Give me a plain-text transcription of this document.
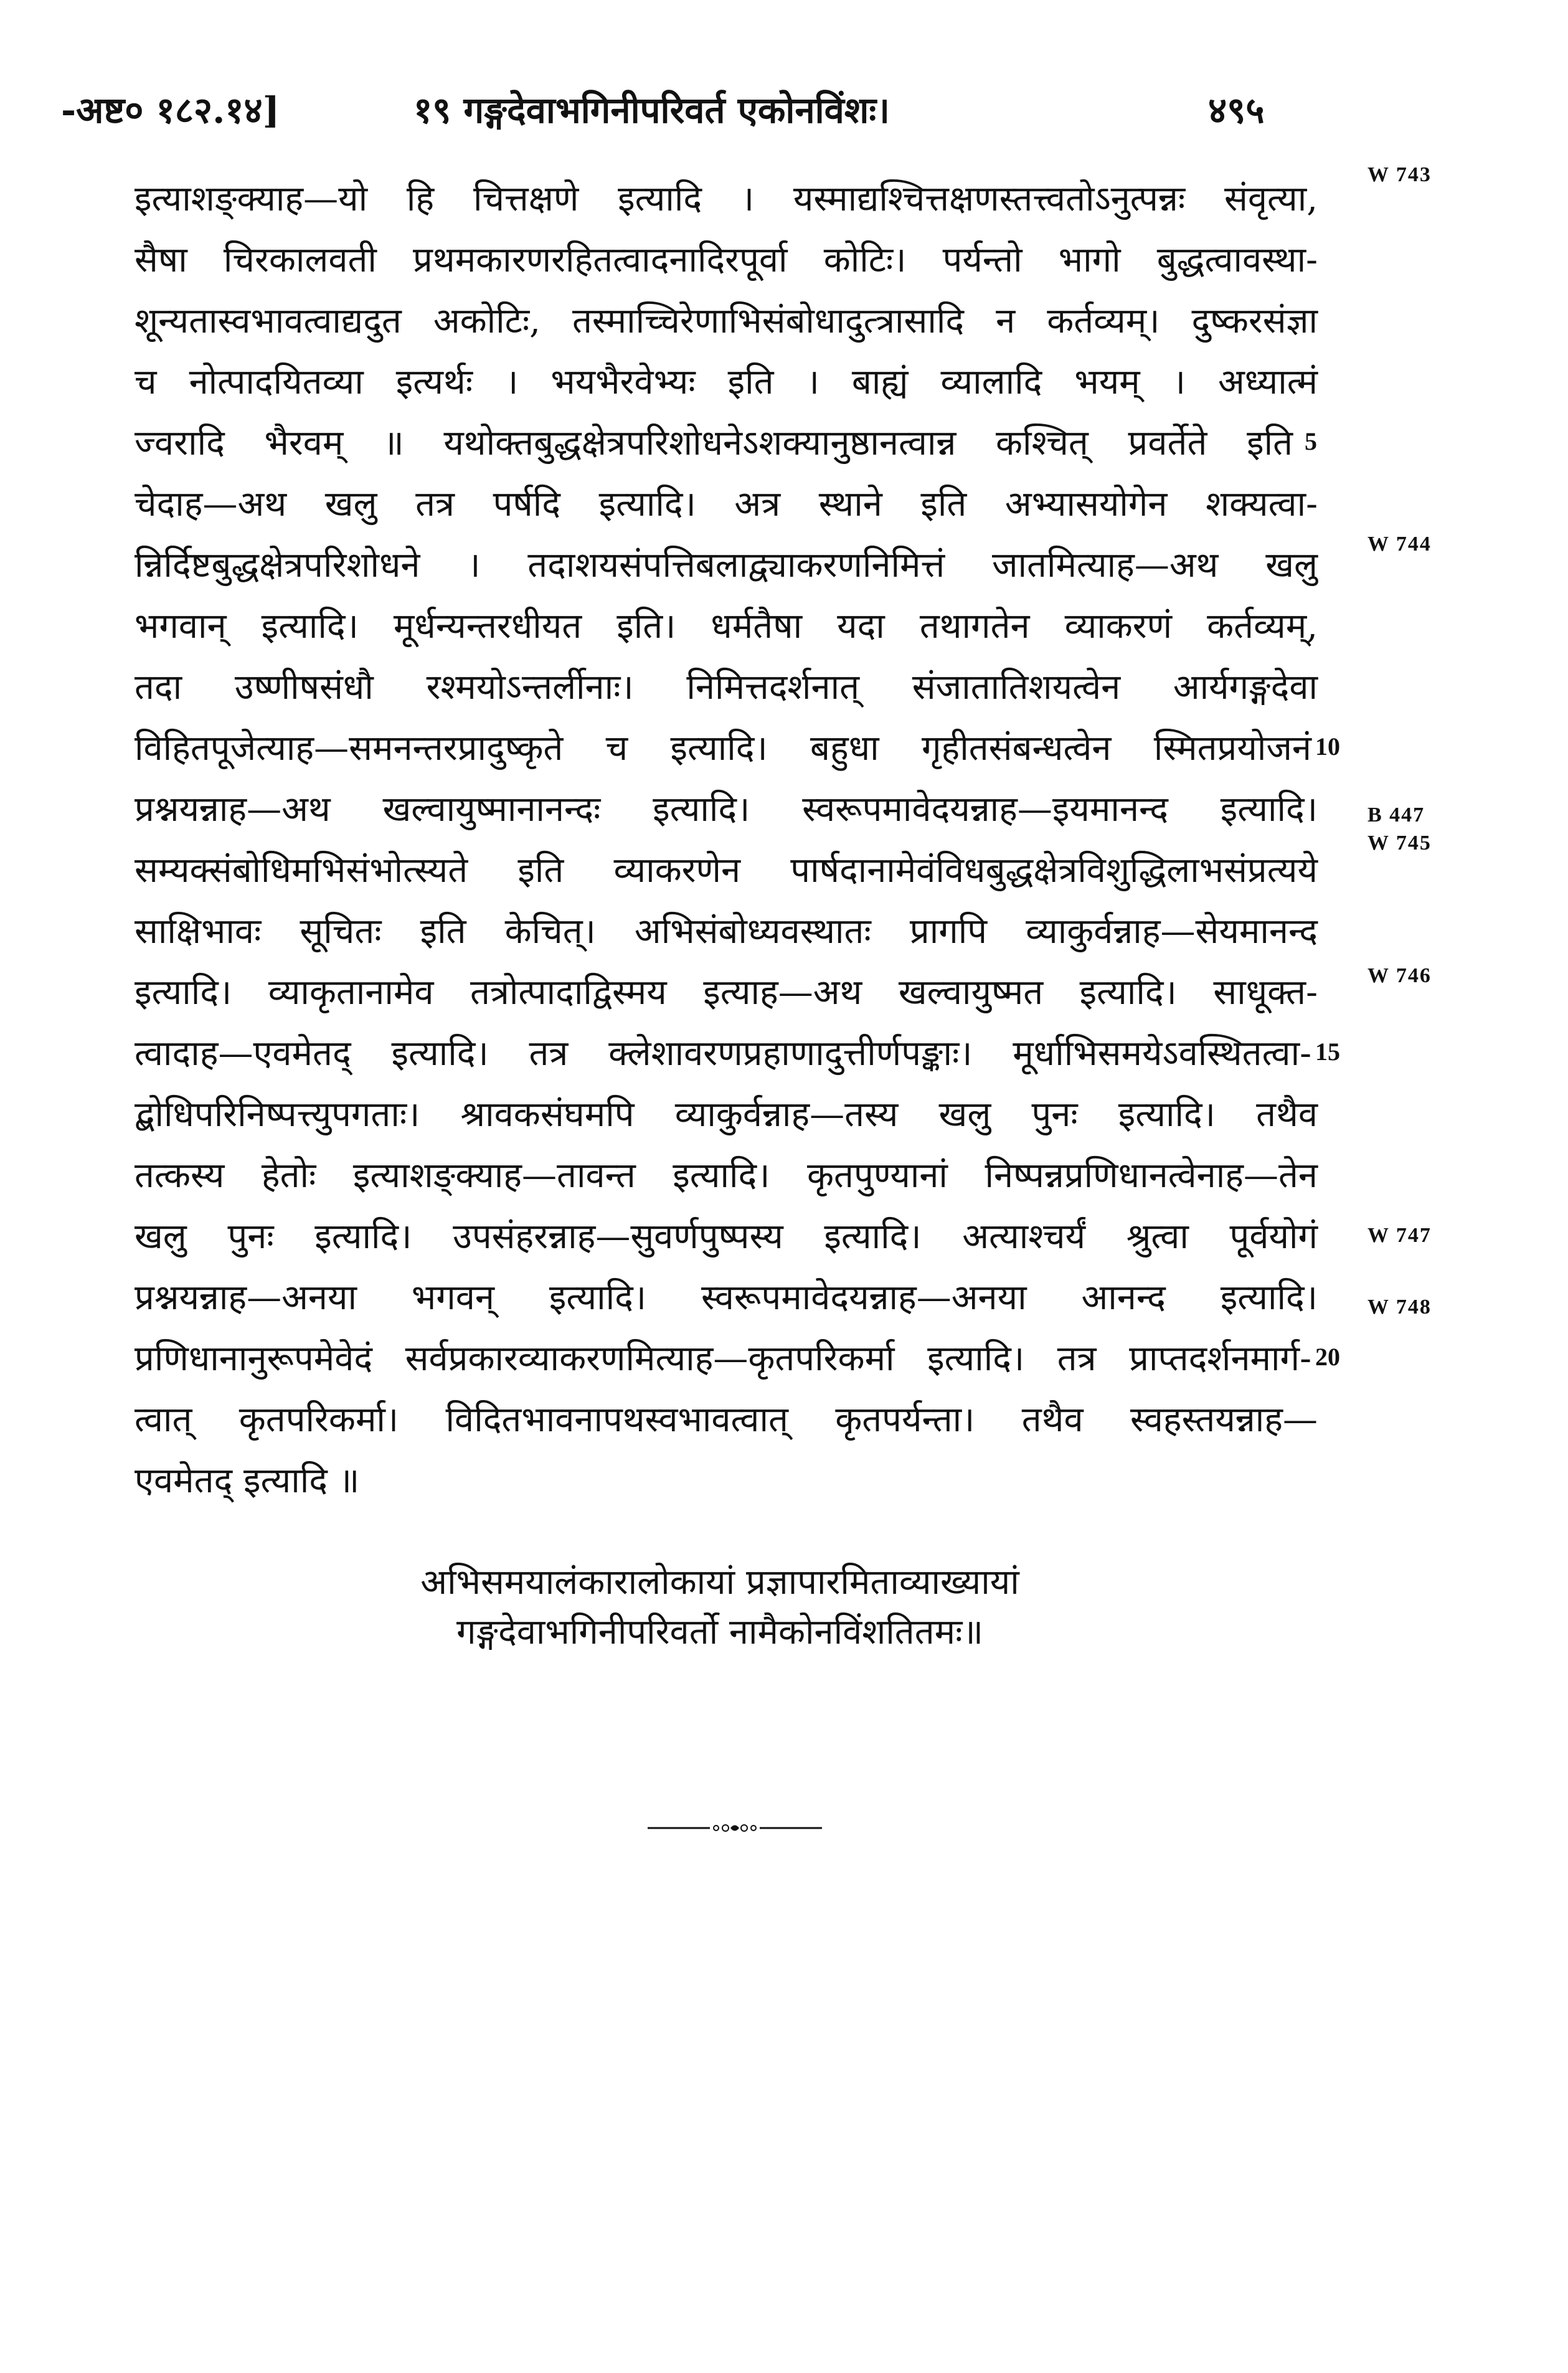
-अष्ट० १८२.१४]	१९ गङ्गदेवाभगिनीपरिवर्त एकोनविंशः।	४९५
इत्याशङ्क्याह—यो हि चित्तक्षणे इत्यादि । यस्माद्यश्चित्तक्षणस्तत्त्वतोऽनुत्पन्नः संवृत्या,
सैषा चिरकालवती प्रथमकारणरहितत्वादनादिरपूर्वा कोटिः। पर्यन्तो भागो बुद्धत्वावस्था-
शून्यतास्वभावत्वाद्यदुत अकोटिः, तस्माच्चिरेणाभिसंबोधादुत्त्रासादि न कर्तव्यम्। दुष्करसंज्ञा
च नोत्पादयितव्या इत्यर्थः । भयभैरवेभ्यः इति । बाह्यं व्यालादि भयम् । अध्यात्मं
ज्वरादि भैरवम् ॥ यथोक्तबुद्धक्षेत्रपरिशोधनेऽशक्यानुष्ठानत्वान्न कश्चित् प्रवर्तेते इति
चेदाह—अथ खलु तत्र पर्षदि इत्यादि। अत्र स्थाने इति अभ्यासयोगेन शक्यत्वा-
न्निर्दिष्टबुद्धक्षेत्रपरिशोधने । तदाशयसंपत्तिबलाद्व्याकरणनिमित्तं जातमित्याह—अथ खलु
भगवान् इत्यादि। मूर्धन्यन्तरधीयत इति। धर्मतैषा यदा तथागतेन व्याकरणं कर्तव्यम्,
तदा उष्णीषसंधौ रश्मयोऽन्तर्लीनाः। निमित्तदर्शनात् संजातातिशयत्वेन आर्यगङ्गदेवा
विहितपूजेत्याह—समनन्तरप्रादुष्कृते च इत्यादि। बहुधा गृहीतसंबन्धत्वेन स्मितप्रयोजनं
प्रश्नयन्नाह—अथ खल्वायुष्मानानन्दः इत्यादि। स्वरूपमावेदयन्नाह—इयमानन्द इत्यादि।
सम्यक्संबोधिमभिसंभोत्स्यते इति व्याकरणेन पार्षदानामेवंविधबुद्धक्षेत्रविशुद्धिलाभसंप्रत्यये
साक्षिभावः सूचितः इति केचित्। अभिसंबोध्यवस्थातः प्रागपि व्याकुर्वन्नाह—सेयमानन्द
इत्यादि। व्याकृतानामेव तत्रोत्पादाद्विस्मय इत्याह—अथ खल्वायुष्मत इत्यादि। साधूक्त-
त्वादाह—एवमेतद् इत्यादि। तत्र क्लेशावरणप्रहाणादुत्तीर्णपङ्काः। मूर्धाभिसमयेऽवस्थितत्वा-
द्बोधिपरिनिष्पत्त्युपगताः। श्रावकसंघमपि व्याकुर्वन्नाह—तस्य खलु पुनः इत्यादि। तथैव
तत्कस्य हेतोः इत्याशङ्क्याह—तावन्त इत्यादि। कृतपुण्यानां निष्पन्नप्रणिधानत्वेनाह—तेन
खलु पुनः इत्यादि। उपसंहरन्नाह—सुवर्णपुष्पस्य इत्यादि। अत्याश्चर्यं श्रुत्वा पूर्वयोगं
प्रश्नयन्नाह—अनया भगवन् इत्यादि। स्वरूपमावेदयन्नाह—अनया आनन्द इत्यादि।
प्रणिधानानुरूपमेवेदं सर्वप्रकारव्याकरणमित्याह—कृतपरिकर्मा इत्यादि। तत्र प्राप्तदर्शनमार्ग-
त्वात् कृतपरिकर्मा। विदितभावनापथस्वभावत्वात् कृतपर्यन्ता। तथैव स्वहस्तयन्नाह—
एवमेतद् इत्यादि ॥
5
10
15
20
W 743
W 744
B 447
W 745
W 746
W 747
W 748
अभिसमयालंकारालोकायां प्रज्ञापारमिताव्याख्यायां
गङ्गदेवाभगिनीपरिवर्तो नामैकोनविंशतितमः॥
